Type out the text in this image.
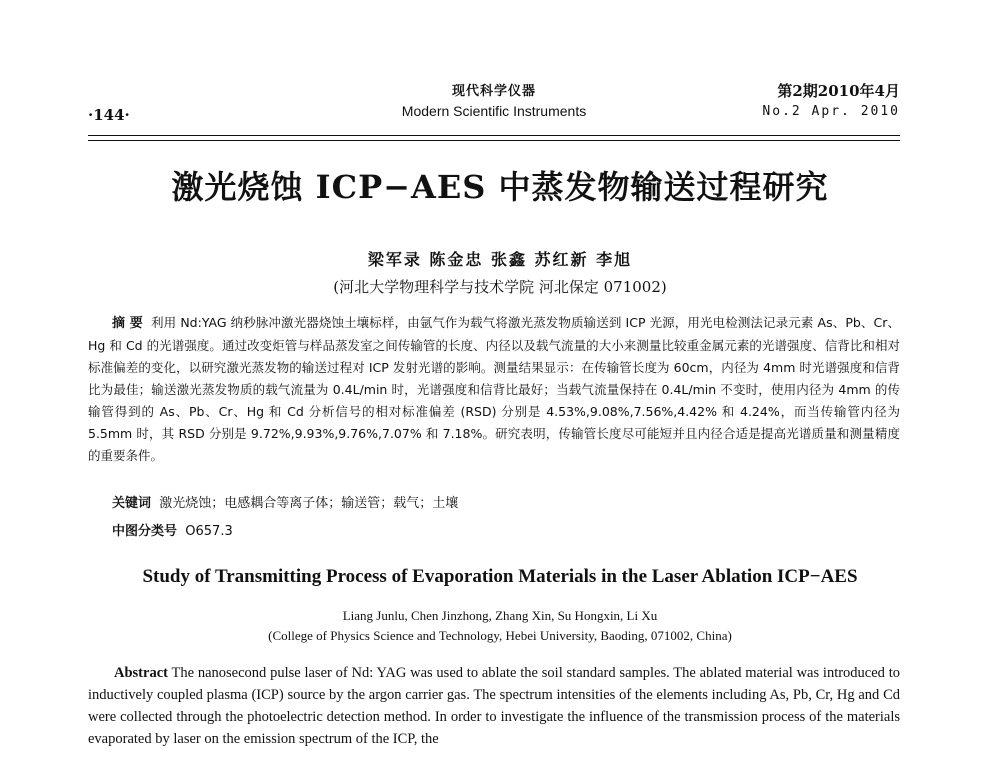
·144·
现代科学仪器
Modern Scientific Instruments
第2期2010年4月
No.2 Apr. 2010
激光烧蚀 ICP−AES 中蒸发物输送过程研究
梁军录 陈金忠 张鑫 苏红新 李旭
(河北大学物理科学与技术学院 河北保定 071002)

摘 要 利用 Nd:YAG 纳秒脉冲激光器烧蚀土壤标样，由氩气作为载气将激光蒸发物质输送到 ICP 光源，用光电检测法记录元素 As、Pb、Cr、Hg 和 Cd 的光谱强度。通过改变炬管与样品蒸发室之间传输管的长度、内径以及载气流量的大小来测量比较重金属元素的光谱强度、信背比和相对标准偏差的变化，以研究激光蒸发物的输送过程对 ICP 发射光谱的影响。测量结果显示：在传输管长度为 60cm，内径为 4mm 时光谱强度和信背比为最佳；输送激光蒸发物质的载气流量为 0.4L/min 时，光谱强度和信背比最好；当载气流量保持在 0.4L/min 不变时，使用内径为 4mm 的传输管得到的 As、Pb、Cr、Hg 和 Cd 分析信号的相对标准偏差 (RSD) 分别是 4.53%,9.08%,7.56%,4.42% 和 4.24%，而当传输管内径为 5.5mm 时，其 RSD 分别是 9.72%,9.93%,9.76%,7.07% 和 7.18%。研究表明，传输管长度尽可能短并且内径合适是提高光谱质量和测量精度的重要条件。

关键词 激光烧蚀；电感耦合等离子体；输送管；载气；土壤
中图分类号 O657.3
Study of Transmitting Process of Evaporation Materials in the Laser Ablation ICP−AES
Liang Junlu, Chen Jinzhong, Zhang Xin, Su Hongxin, Li Xu
(College of Physics Science and Technology, Hebei University, Baoding, 071002, China)

Abstract The nanosecond pulse laser of Nd: YAG was used to ablate the soil standard samples. The ablated material was introduced to inductively coupled plasma (ICP) source by the argon carrier gas. The spectrum intensities of the elements including As, Pb, Cr, Hg and Cd were collected through the photoelectric detection method. In order to investigate the influence of the transmission process of the materials evaporated by laser on the emission spectrum of the ICP, the
